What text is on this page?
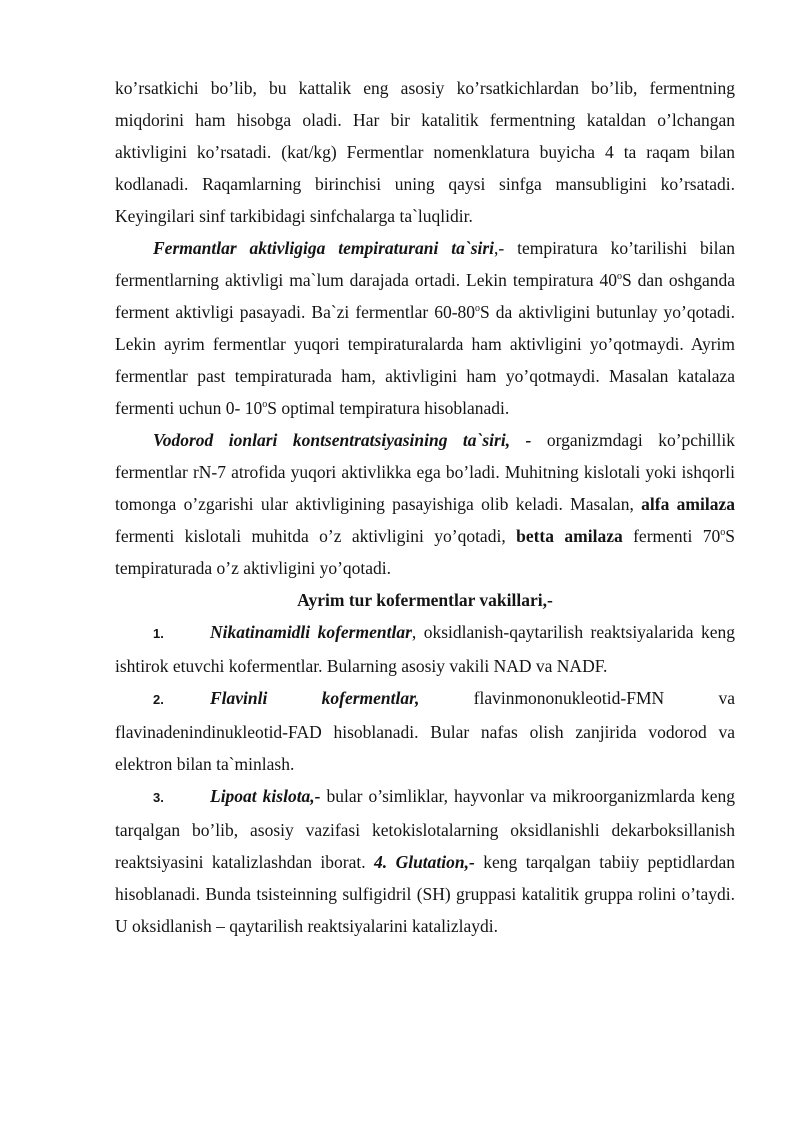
ko’rsatkichi bo’lib, bu kattalik eng asosiy ko’rsatkichlardan bo’lib, fermentning miqdorini ham hisobga oladi. Har bir katalitik fermentning kataldan o’lchangan aktivligini ko’rsatadi. (kat/kg) Fermentlar nomenklatura buyicha 4 ta raqam bilan kodlanadi. Raqamlarning birinchisi uning qaysi sinfga mansubligini ko’rsatadi. Keyingilari sinf tarkibidagi sinfchalarga ta`luqlidir.

Fermantlar aktivligiga tempiraturani ta`siri,- tempiratura ko’tarilishi bilan fermentlarning aktivligi ma`lum darajada ortadi. Lekin tempiratura 40$^o$S dan oshganda ferment aktivligi pasayadi. Ba`zi fermentlar 60-80$^o$S da aktivligini butunlay yo’qotadi. Lekin ayrim fermentlar yuqori tempiraturalarda ham aktivligini yo’qotmaydi. Ayrim fermentlar past tempiraturada ham, aktivligini ham yo’qotmaydi. Masalan katalaza fermenti uchun 0- 10$^o$S optimal tempiratura hisoblanadi.

Vodorod ionlari kontsentratsiyasining ta`siri, - organizmdagi ko’pchillik fermentlar rN-7 atrofida yuqori aktivlikka ega bo’ladi. Muhitning kislotali yoki ishqorli tomonga o’zgarishi ular aktivligining pasayishiga olib keladi. Masalan, alfa amilaza fermenti kislotali muhitda o’z aktivligini yo’qotadi, betta amilaza fermenti 70$^o$S tempiraturada o’z aktivligini yo’qotadi.

Ayrim tur kofermentlar vakillari,-

1.	Nikatinamidli kofermentlar, oksidlanish-qaytarilish reaktsiyalarida keng ishtirok etuvchi kofermentlar. Bularning asosiy vakili NAD va NADF.

2.	Flavinli	kofermentlar,	flavinmononukleotid-FMN	va

flavinadenindinukleotid-FAD hisoblanadi. Bular nafas olish zanjirida vodorod va elektron bilan ta`minlash.

3.	Lipoat kislota,- bular o’simliklar, hayvonlar va mikroorganizmlarda keng tarqalgan bo’lib, asosiy vazifasi ketokislotalarning oksidlanishli dekarboksillanish reaktsiyasini katalizlashdan iborat. 4. Glutation,- keng tarqalgan tabiiy peptidlardan hisoblanadi. Bunda tsisteinning sulfigidril (SH) gruppasi katalitik gruppa rolini o’taydi. U oksidlanish – qaytarilish reaktsiyalarini katalizlaydi.
